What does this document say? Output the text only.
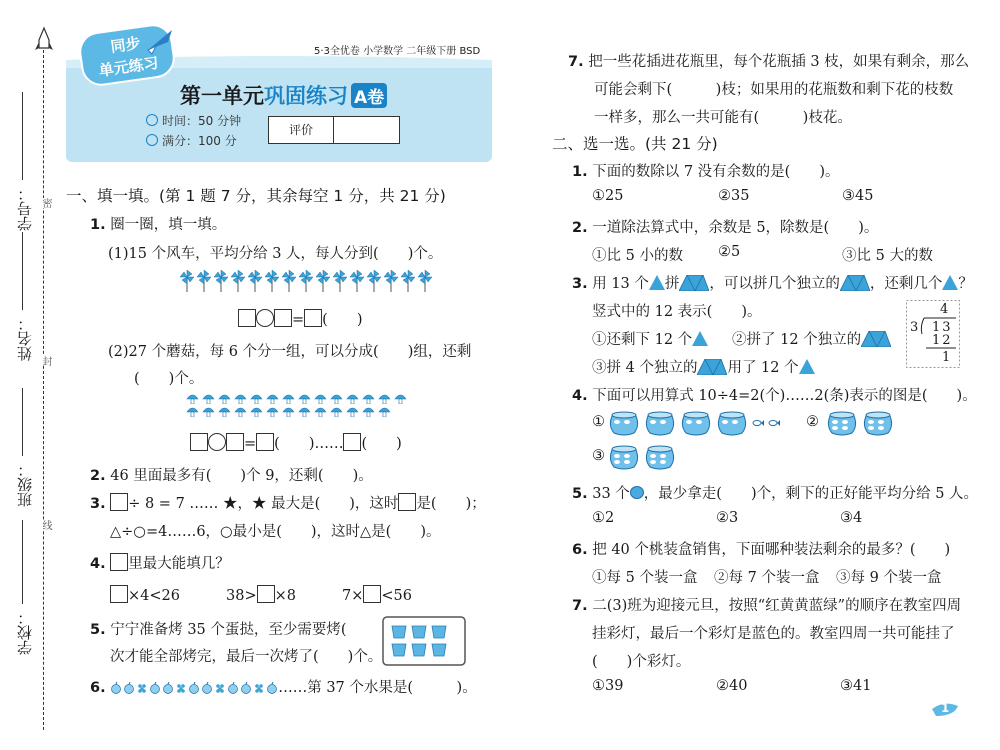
密
封
线
学号：
姓名：
班级：
学校：
同步
单元练习
5·3全优卷 小学数学 二年级下册 BSD
第一单元巩固练习 A卷
时间：50 分钟
满分：100 分
评价
一、填一填。(第 1 题 7 分，其余每空 1 分，共 21 分)
1. 圈一圈，填一填。
(1)15 个风车，平均分给 3 人，每人分到(　　)个。
= (　　)
(2)27 个蘑菇，每 6 个分一组，可以分成(　　)组，还剩
(　　)个。
= (　　)…… (　　)
2. 46 里面最多有(　　)个 9，还剩(　　)。
3. ÷ 8 = 7 …… ★，★ 最大是(　　)，这时 是(　　)；
△÷○=4……6，○最小是(　　)，这时△是(　　)。
4. 里最大能填几？
×4<26	38> ×8	7× <56
5. 宁宁准备烤 35 个蛋挞，至少需要烤(
次才能全部烤完，最后一次烤了(　　)个。
6.	……第 37 个水果是(　　　)。
7. 把一些花插进花瓶里，每个花瓶插 3 枝，如果有剩余，那么
可能会剩下(　　　)枝；如果用的花瓶数和剩下花的枝数
一样多，那么一共可能有(　　　)枝花。
二、选一选。(共 21 分)
1. 下面的数除以 7 没有余数的是(　　)。
①25	②35	③45
2. 一道除法算式中，余数是 5，除数是(　　)。
①比 5 小的数 ②5	③比 5 大的数
3. 用 13 个 拼 ，可以拼几个独立的 ，还剩几个 ？
竖式中的 12 表示(　　)。
①还剩下 12 个	②拼了 12 个独立的
③拼 4 个独立的 用了 12 个
4
3 13
12
1
4. 下面可以用算式 10÷4=2(个)……2(条)表示的图是(　　)。
①	②
③
5. 33 个 ，最少拿走(　　)个，剩下的正好能平均分给 5 人。
①2	②3	③4
6. 把 40 个桃装盒销售，下面哪种装法剩余的最多？(　　)
①每 5 个装一盒 ②每 7 个装一盒 ③每 9 个装一盒
7. 二(3)班为迎接元旦，按照“红黄黄蓝绿”的顺序在教室四周
挂彩灯，最后一个彩灯是蓝色的。教室四周一共可能挂了
(　　)个彩灯。
①39	②40	③41
1
